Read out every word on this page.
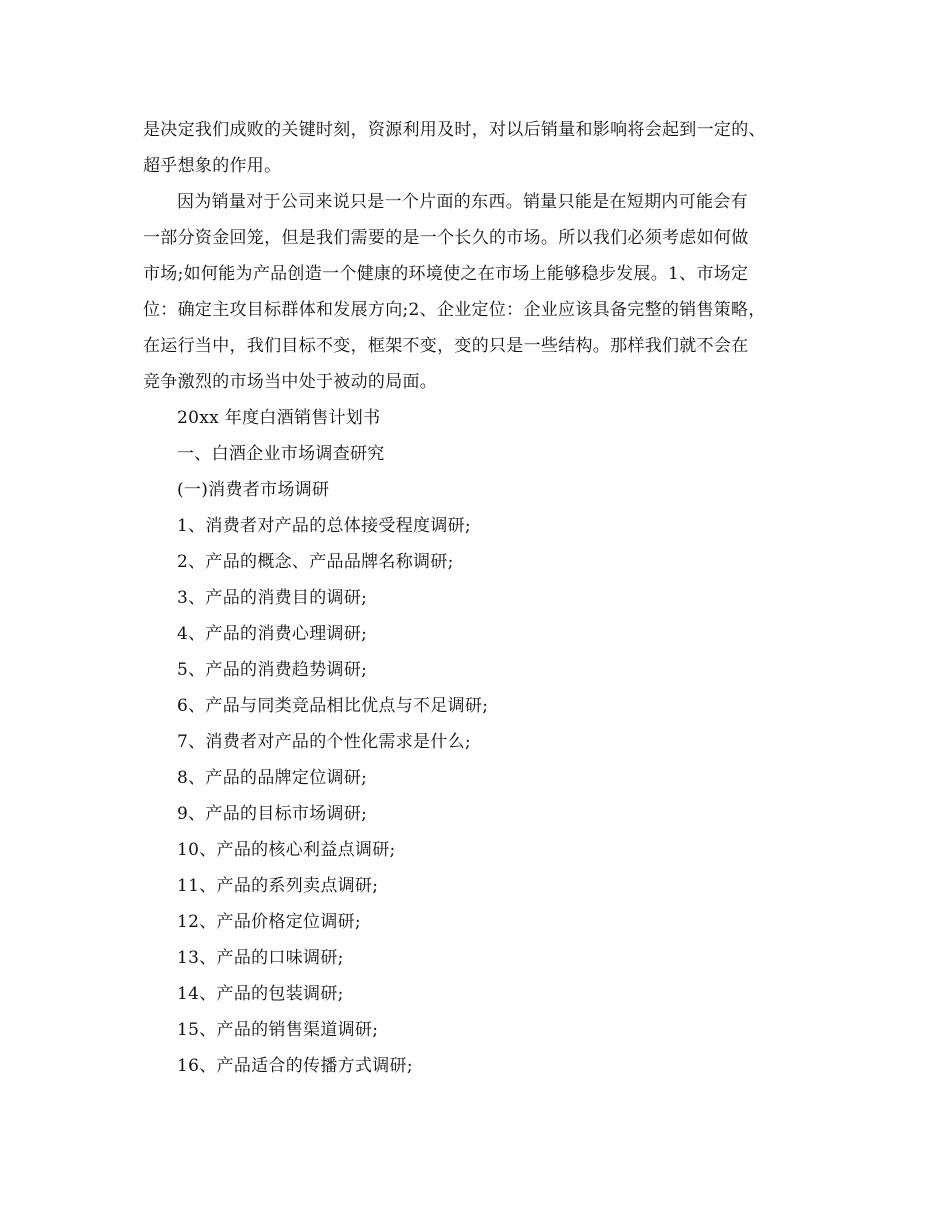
是决定我们成败的关键时刻，资源利用及时，对以后销量和影响将会起到一定的、
超乎想象的作用。
因为销量对于公司来说只是一个片面的东西。销量只能是在短期内可能会有
一部分资金回笼，但是我们需要的是一个长久的市场。所以我们必须考虑如何做
市场;如何能为产品创造一个健康的环境使之在市场上能够稳步发展。1、市场定
位：确定主攻目标群体和发展方向;2、企业定位：企业应该具备完整的销售策略，
在运行当中，我们目标不变，框架不变，变的只是一些结构。那样我们就不会在
竞争激烈的市场当中处于被动的局面。
20xx 年度白酒销售计划书
一、白酒企业市场调查研究
(一)消费者市场调研
1、消费者对产品的总体接受程度调研;
2、产品的概念、产品品牌名称调研;
3、产品的消费目的调研;
4、产品的消费心理调研;
5、产品的消费趋势调研;
6、产品与同类竞品相比优点与不足调研;
7、消费者对产品的个性化需求是什么;
8、产品的品牌定位调研;
9、产品的目标市场调研;
10、产品的核心利益点调研;
11、产品的系列卖点调研;
12、产品价格定位调研;
13、产品的口味调研;
14、产品的包装调研;
15、产品的销售渠道调研;
16、产品适合的传播方式调研;
